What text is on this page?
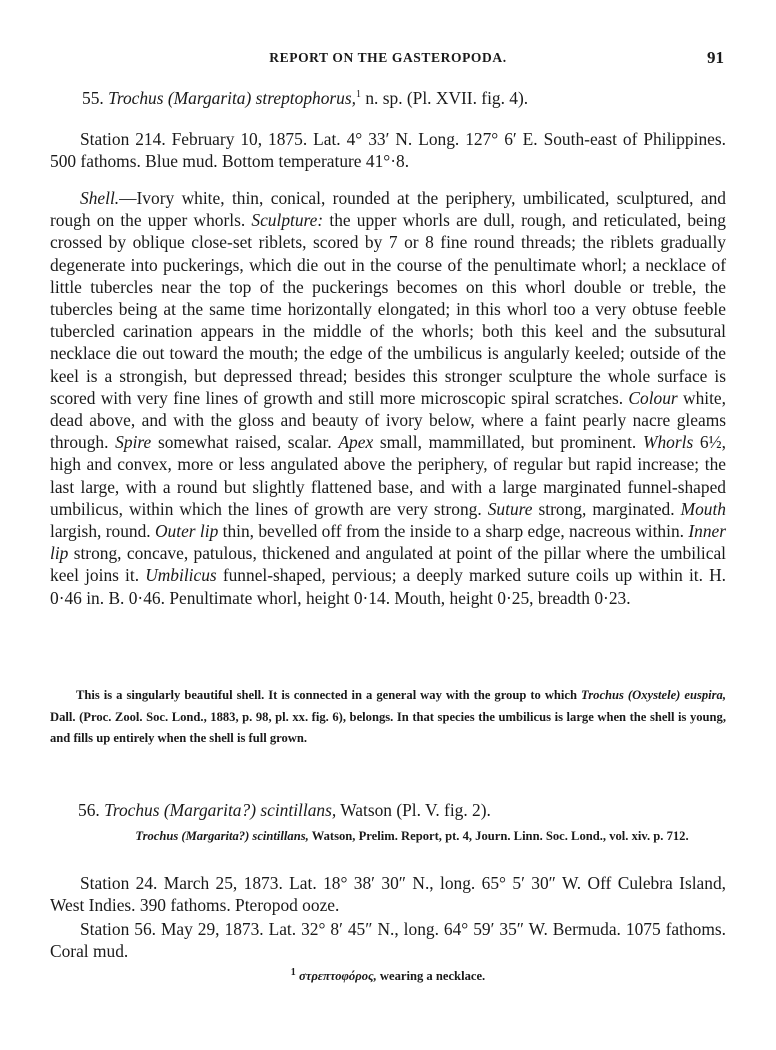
REPORT ON THE GASTEROPODA.	91
55. Trochus (Margarita) streptophorus,$^1$ n. sp. (Pl. XVII. fig. 4).
Station 214. February 10, 1875. Lat. 4° 33′ N. Long. 127° 6′ E. South-east of Philippines. 500 fathoms. Blue mud. Bottom temperature 41°·8.
Shell.—Ivory white, thin, conical, rounded at the periphery, umbilicated, sculptured, and rough on the upper whorls. Sculpture: the upper whorls are dull, rough, and reticulated, being crossed by oblique close-set riblets, scored by 7 or 8 fine round threads; the riblets gradually degenerate into puckerings, which die out in the course of the penultimate whorl; a necklace of little tubercles near the top of the puckerings becomes on this whorl double or treble, the tubercles being at the same time horizontally elongated; in this whorl too a very obtuse feeble tubercled carination appears in the middle of the whorls; both this keel and the subsutural necklace die out toward the mouth; the edge of the umbilicus is angularly keeled; outside of the keel is a strongish, but depressed thread; besides this stronger sculpture the whole surface is scored with very fine lines of growth and still more microscopic spiral scratches. Colour white, dead above, and with the gloss and beauty of ivory below, where a faint pearly nacre gleams through. Spire somewhat raised, scalar. Apex small, mammillated, but prominent. Whorls 6½, high and convex, more or less angulated above the periphery, of regular but rapid increase; the last large, with a round but slightly flattened base, and with a large marginated funnel-shaped umbilicus, within which the lines of growth are very strong. Suture strong, marginated. Mouth largish, round. Outer lip thin, bevelled off from the inside to a sharp edge, nacreous within. Inner lip strong, concave, patulous, thickened and angulated at point of the pillar where the umbilical keel joins it. Umbilicus funnel-shaped, pervious; a deeply marked suture coils up within it. H. 0·46 in. B. 0·46. Penultimate whorl, height 0·14. Mouth, height 0·25, breadth 0·23.
This is a singularly beautiful shell. It is connected in a general way with the group to which Trochus (Oxystele) euspira, Dall. (Proc. Zool. Soc. Lond., 1883, p. 98, pl. xx. fig. 6), belongs. In that species the umbilicus is large when the shell is young, and fills up entirely when the shell is full grown.
56. Trochus (Margarita?) scintillans, Watson (Pl. V. fig. 2).
Trochus (Margarita?) scintillans, Watson, Prelim. Report, pt. 4, Journ. Linn. Soc. Lond., vol. xiv. p. 712.
Station 24. March 25, 1873. Lat. 18° 38′ 30″ N., long. 65° 5′ 30″ W. Off Culebra Island, West Indies. 390 fathoms. Pteropod ooze.
Station 56. May 29, 1873. Lat. 32° 8′ 45″ N., long. 64° 59′ 35″ W. Bermuda. 1075 fathoms. Coral mud.
$^1$ στρεπτοφόρος, wearing a necklace.
